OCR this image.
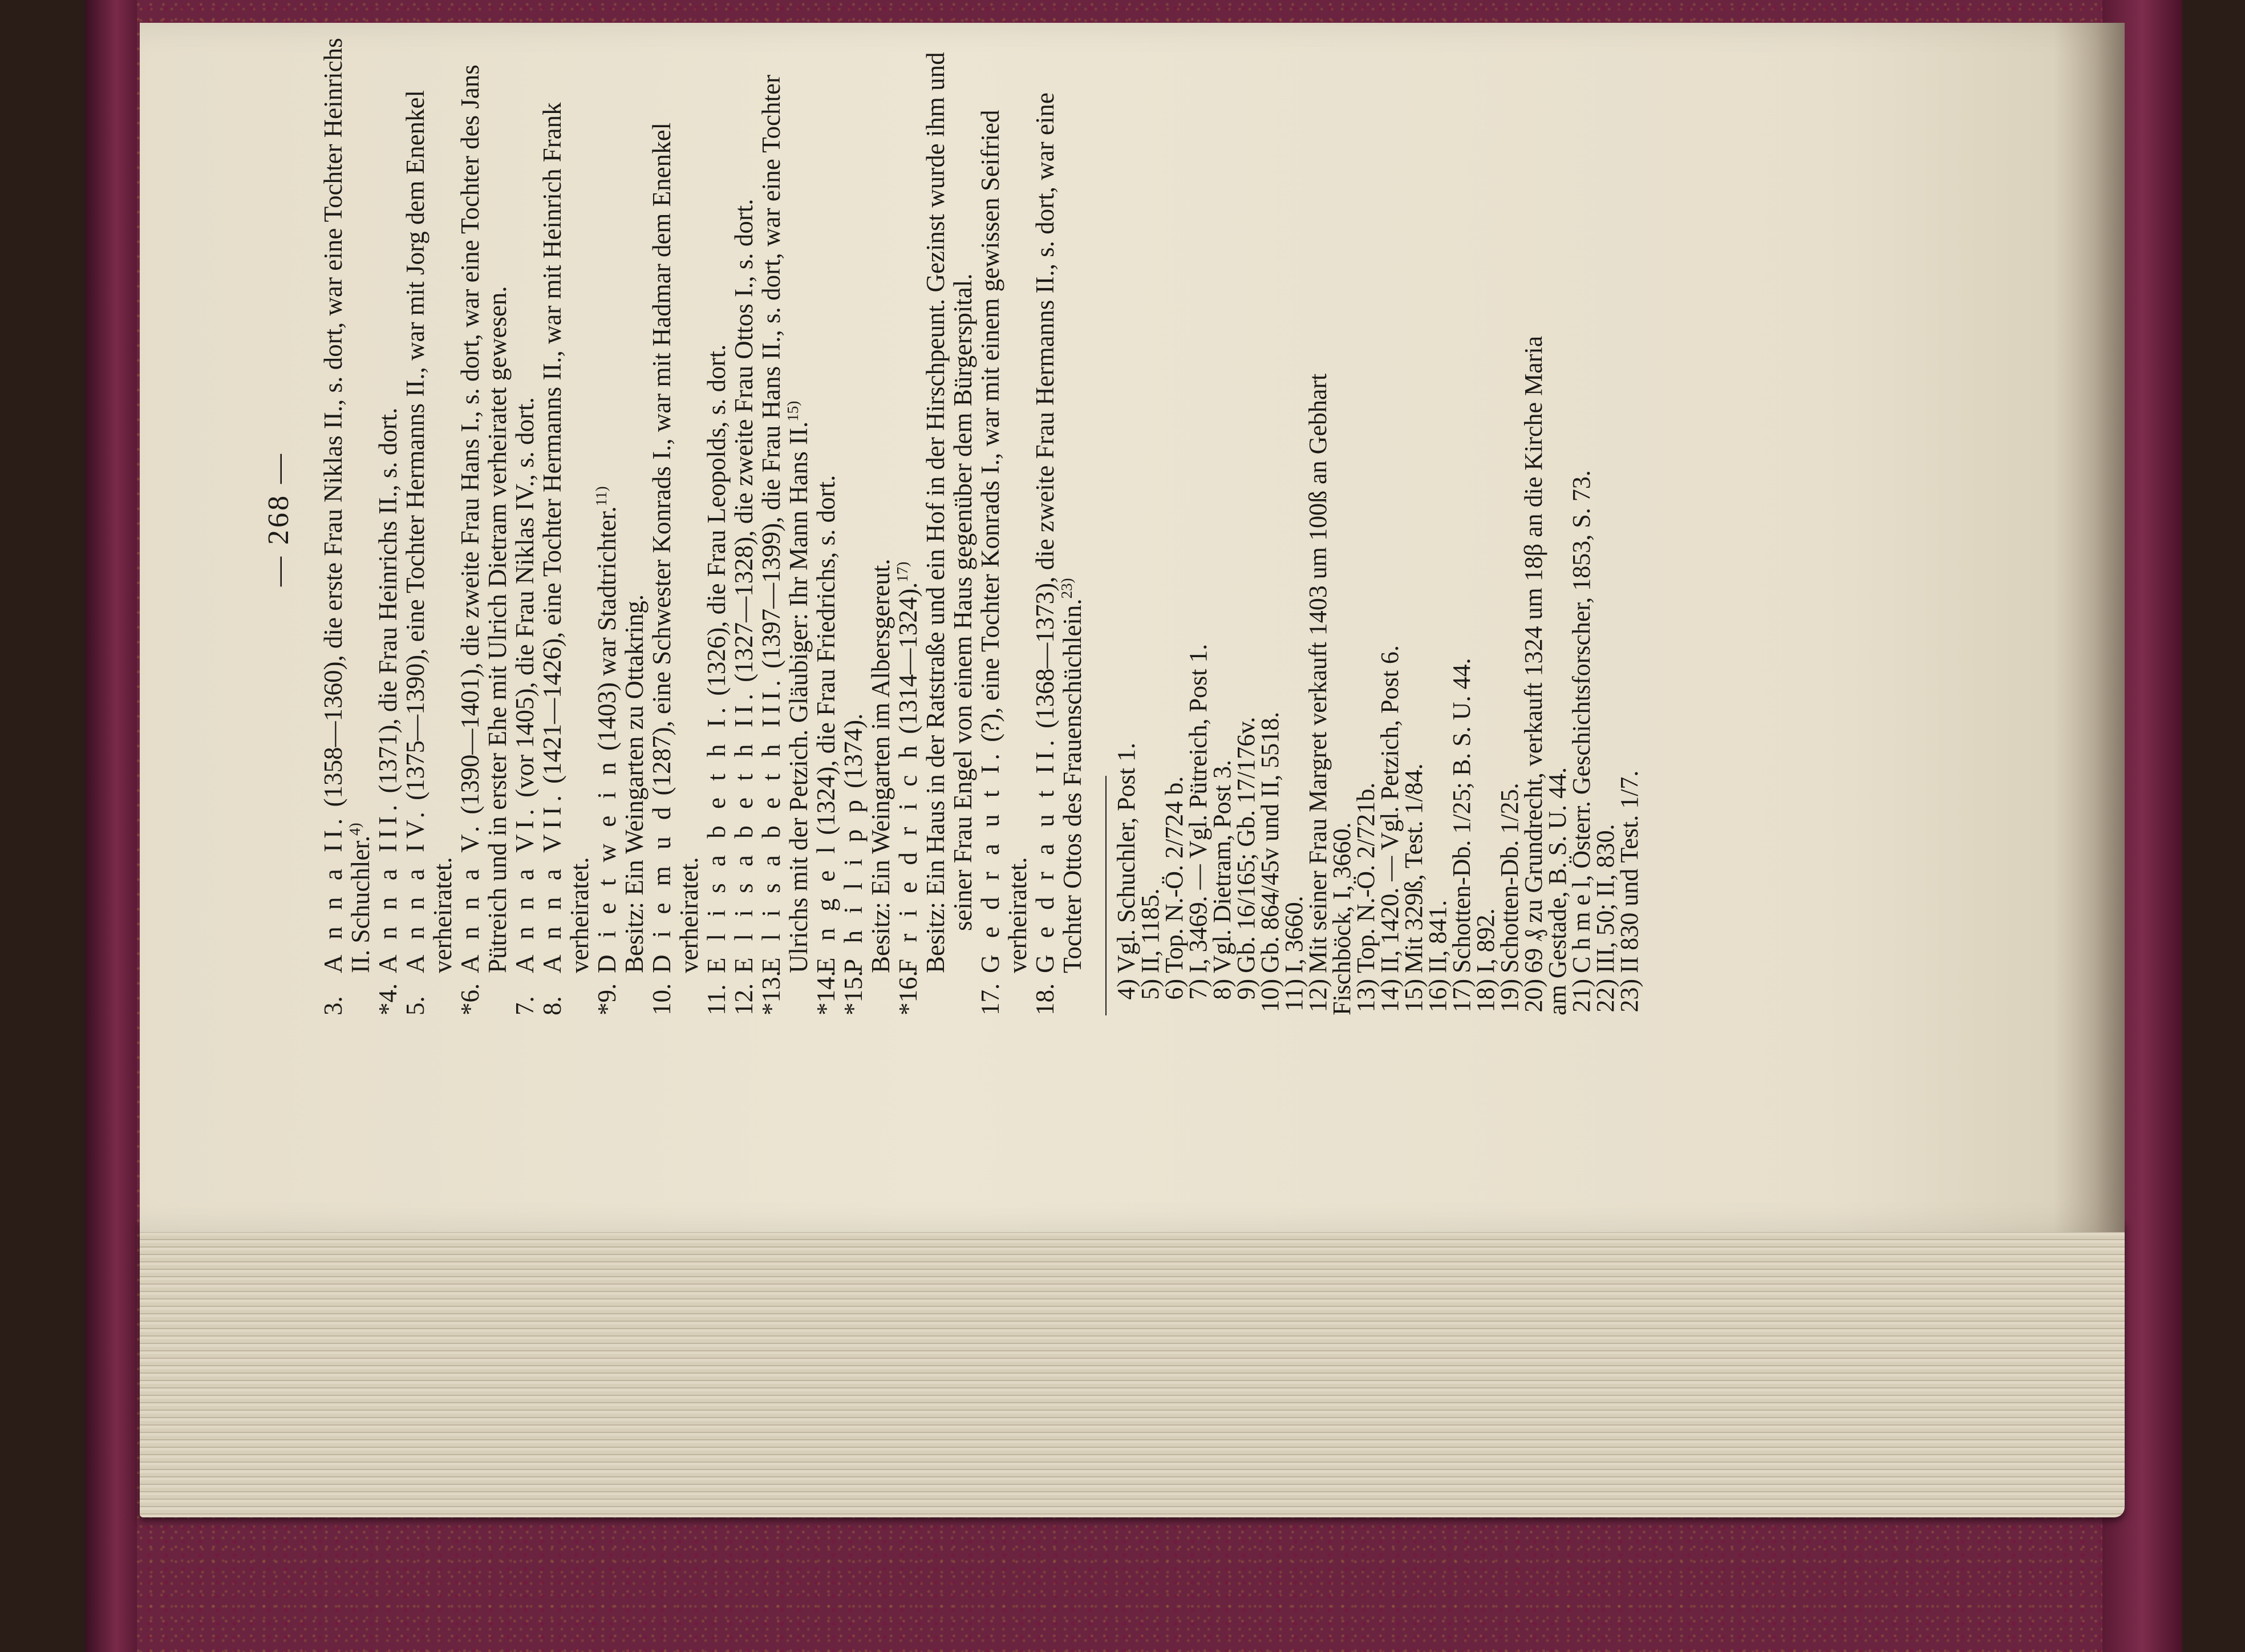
— 268 —
3.A n n a II. (1358—1360), die erste Frau Niklas II., s. dort, war eine Tochter Heinrichs II. Schuchler.$^{4)}$
*4.A n n a III. (1371), die Frau Heinrichs II., s. dort.
5.A n n a IV. (1375—1390), eine Tochter Hermanns II., war mit Jorg dem Enenkel verheiratet.
*6.A n n a V. (1390—1401), die zweite Frau Hans I., s. dort, war eine Tochter des Jans Pütreich und in erster Ehe mit Ulrich Dietram verheiratet gewesen.
7.A n n a VI. (vor 1405), die Frau Niklas IV., s. dort.
8.A n n a VII. (1421—1426), eine Tochter Hermanns II., war mit Heinrich Frank verheiratet.
*9.D i e t w e i n (1403) war Stadtrichter.$^{11)}$
Besitz: Ein Weingarten zu Ottakring.
10.D i e m u d (1287), eine Schwester Konrads I., war mit Hadmar dem Enenkel verheiratet.
11.E l i s a b e t h I. (1326), die Frau Leopolds, s. dort.
12.E l i s a b e t h II. (1327—1328), die zweite Frau Ottos I., s. dort.
*13.E l i s a b e t h III. (1397—1399), die Frau Hans II., s. dort, war eine Tochter Ulrichs mit der Petzich. Gläubiger: Ihr Mann Hans II.$^{15)}$
*14.E n g e l (1324), die Frau Friedrichs, s. dort.
*15.P h i l i p p (1374).
Besitz: Ein Weingarten im Albersgereut.
*16.F r i e d r i c h (1314—1324).$^{17)}$ Besitz: Ein Haus in der Ratstraße und ein Hof in der Hirschpeunt. Gezinst wurde ihm und seiner Frau Engel von einem Haus gegenüber dem Bürgerspital.
17.G e d r a u t I. (?), eine Tochter Konrads I., war mit einem gewissen Seifried verheiratet.
18.G e d r a u t II. (1368—1373), die zweite Frau Hermanns II., s. dort, war eine Tochter Ottos des Frauenschüchlein.$^{23)}$
4)Vgl. Schuchler, Post 1.
5)II, 1185.
6)Top. N.-Ö. 2/724 b.
7)I, 3469. — Vgl. Pütreich, Post 1.
8)Vgl. Dietram, Post 3.
9)Gb. 16/165; Gb. 17/176v.
10)Gb. 864/45v und II, 5518.
11)I, 3660.
12)Mit seiner Frau Margret verkauft 1403 um 100ß an Gebhart
Fischböck, I, 3660.
13)Top. N.-Ö. 2/721b.
14)II, 1420. — Vgl. Petzich, Post 6.
15)Mit 329ß, Test. 1/84.
16)II, 841.
17)Schotten-Db. 1/25; B. S. U. 44.
18)I, 892.
19)Schotten-Db. 1/25.
20)69 ₰ zu Grundrecht, verkauft 1324 um 18β an die Kirche Maria
am Gestade, B. S. U. 44.
21)C h m e l, Österr. Geschichtsforscher, 1853, S. 73.
22)III, 50; II, 830.
23)II 830 und Test. 1/7.
